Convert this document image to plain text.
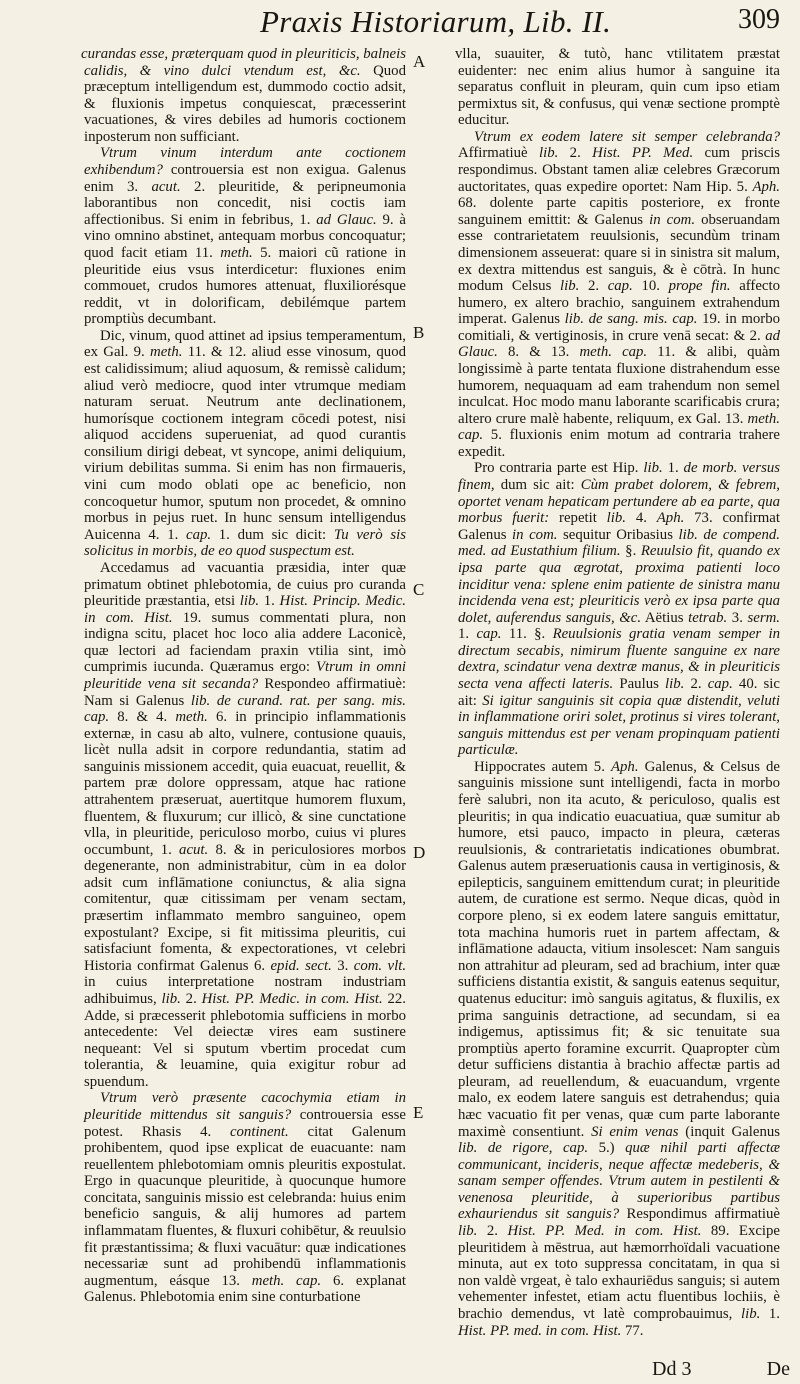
Praxis Historiarum, Lib. II.	309
A
B
C
D
E

curandas esse, præterquam quod in pleuriticis, balneis calidis, & vino dulci vtendum est, &c. Quod præceptum intelligendum est, dummodo coctio adsit, & fluxionis impetus conquiescat, præcesserint vacuationes, & vires debiles ad humoris coctionem inposterum non sufficiant.

Vtrum vinum interdum ante coctionem exhibendum? controuersia est non exigua. Galenus enim 3. acut. 2. pleuritide, & peripneumonia laborantibus non concedit, nisi coctis iam affectionibus. Si enim in febribus, 1. ad Glauc. 9. à vino omnino abstinet, antequam morbus concoquatur; quod facit etiam 11. meth. 5. maiori cũ ratione in pleuritide eius vsus interdicetur: fluxiones enim commouet, crudos humores attenuat, fluxiliorésque reddit, vt in dolorificam, debilémque partem promptiùs decumbant.

Dic, vinum, quod attinet ad ipsius temperamentum, ex Gal. 9. meth. 11. & 12. aliud esse vinosum, quod est calidissimum; aliud aquosum, & remissè calidum; aliud verò mediocre, quod inter vtrumque mediam naturam seruat. Neutrum ante declinationem, humorísque coctionem integram cōcedi potest, nisi aliquod accidens superueniat, ad quod curantis consilium dirigi debeat, vt syncope, animi deliquium, virium debilitas summa. Si enim has non firmaueris, vini cum modo oblati ope ac beneficio, non concoquetur humor, sputum non procedet, & omnino morbus in pejus ruet. In hunc sensum intelligendus Auicenna 4. 1. cap. 1. dum sic dicit: Tu verò sis solicitus in morbis, de eo quod suspectum est.

Accedamus ad vacuantia præsidia, inter quæ primatum obtinet phlebotomia, de cuius pro curanda pleuritide præstantia, etsi lib. 1. Hist. Princip. Medic. in com. Hist. 19. sumus commentati plura, non indigna scitu, placet hoc loco alia addere Laconicè, quæ lectori ad faciendam praxin vtilia sint, imò cumprimis iucunda. Quæramus ergo: Vtrum in omni pleuritide vena sit secanda? Respondeo affirmatiuè: Nam si Galenus lib. de curand. rat. per sang. mis. cap. 8. & 4. meth. 6. in principio inflammationis externæ, in casu ab alto, vulnere, contusione quauis, licèt nulla adsit in corpore redundantia, statim ad sanguinis missionem accedit, quia euacuat, reuellit, & partem præ dolore oppressam, atque hac ratione attrahentem præseruat, auertitque humorem fluxum, fluentem, & fluxurum; cur illicò, & sine cunctatione vlla, in pleuritide, periculoso morbo, cuius vi plures occumbunt, 1. acut. 8. & in periculosiores morbos degenerante, non administrabitur, cùm in ea dolor adsit cum inflāmatione coniunctus, & alia signa comitentur, quæ citissimam per venam sectam, præsertim inflammato membro sanguineo, opem expostulant? Excipe, si fit mitissima pleuritis, cui satisfaciunt fomenta, & expectorationes, vt celebri Historia confirmat Galenus 6. epid. sect. 3. com. vlt. in cuius interpretatione nostram industriam adhibuimus, lib. 2. Hist. PP. Medic. in com. Hist. 22. Adde, si præcesserit phlebotomia sufficiens in morbo antecedente: Vel deiectæ vires eam sustinere nequeant: Vel si sputum vbertim procedat cum tolerantia, & leuamine, quia exigitur robur ad spuendum.

Vtrum verò præsente cacochymia etiam in pleuritide mittendus sit sanguis? controuersia esse potest. Rhasis 4. continent. citat Galenum prohibentem, quod ipse explicat de euacuante: nam reuellentem phlebotomiam omnis pleuritis expostulat. Ergo in quacunque pleuritide, à quocunque humore concitata, sanguinis missio est celebranda: huius enim beneficio sanguis, & alij humores ad partem inflammatam fluentes, & fluxuri cohibētur, & reuulsio fit præstantissima; & fluxi vacuātur: quæ indicationes necessariæ sunt ad prohibendū inflammationis augmentum, eásque 13. meth. cap. 6. explanat Galenus. Phlebotomia enim sine conturbatione

vlla, suauiter, & tutò, hanc vtilitatem præstat euidenter: nec enim alius humor à sanguine ita separatus confluit in pleuram, quin cum ipso etiam permixtus sit, & confusus, qui venæ sectione promptè educitur.

Vtrum ex eodem latere sit semper celebranda? Affirmatiuè lib. 2. Hist. PP. Med. cum priscis respondimus. Obstant tamen aliæ celebres Græcorum auctoritates, quas expedire oportet: Nam Hip. 5. Aph. 68. dolente parte capitis posteriore, ex fronte sanguinem emittit: & Galenus in com. obseruandam esse contrarietatem reuulsionis, secundùm trinam dimensionem asseuerat: quare si in sinistra sit malum, ex dextra mittendus est sanguis, & è cōtrà. In hunc modum Celsus lib. 2. cap. 10. prope fin. affecto humero, ex altero brachio, sanguinem extrahendum imperat. Galenus lib. de sang. mis. cap. 19. in morbo comitiali, & vertiginosis, in crure venā secat: & 2. ad Glauc. 8. & 13. meth. cap. 11. & alibi, quàm longissimè à parte tentata fluxione distrahendum esse humorem, nequaquam ad eam trahendum non semel inculcat. Hoc modo manu laborante scarificabis crura; altero crure malè habente, reliquum, ex Gal. 13. meth. cap. 5. fluxionis enim motum ad contraria trahere expedit.

Pro contraria parte est Hip. lib. 1. de morb. versus finem, dum sic ait: Cùm prabet dolorem, & febrem, oportet venam hepaticam pertundere ab ea parte, qua morbus fuerit: repetit lib. 4. Aph. 73. confirmat Galenus in com. sequitur Oribasius lib. de compend. med. ad Eustathium filium. §. Reuulsio fit, quando ex ipsa parte qua ægrotat, proxima patienti loco inciditur vena: splene enim patiente de sinistra manu incidenda vena est; pleuriticis verò ex ipsa parte qua dolet, auferendus sanguis, &c. Aëtius tetrab. 3. serm. 1. cap. 11. §. Reuulsionis gratia venam semper in directum secabis, nimirum fluente sanguine ex nare dextra, scindatur vena dextræ manus, & in pleuriticis secta vena affecti lateris. Paulus lib. 2. cap. 40. sic ait: Si igitur sanguinis sit copia quæ distendit, veluti in inflammatione oriri solet, protinus si vires tolerant, sanguis mittendus est per venam propinquam patienti particulæ.

Hippocrates autem 5. Aph. Galenus, & Celsus de sanguinis missione sunt intelligendi, facta in morbo ferè salubri, non ita acuto, & periculoso, qualis est pleuritis; in qua indicatio euacuatiua, quæ sumitur ab humore, etsi pauco, impacto in pleura, cæteras reuulsionis, & contrarietatis indicationes obumbrat. Galenus autem præseruationis causa in vertiginosis, & epilepticis, sanguinem emittendum curat; in pleuritide autem, de curatione est sermo. Neque dicas, quòd in corpore pleno, si ex eodem latere sanguis emittatur, tota machina humoris ruet in partem affectam, & inflāmatione adaucta, vitium insolescet: Nam sanguis non attrahitur ad pleuram, sed ad brachium, inter quæ sufficiens distantia existit, & sanguis eatenus sequitur, quatenus educitur: imò sanguis agitatus, & fluxilis, ex prima sanguinis detractione, ad secundam, si ea indigemus, aptissimus fit; & sic tenuitate sua promptiùs aperto foramine excurrit. Quapropter cùm detur sufficiens distantia à brachio affectæ partis ad pleuram, ad reuellendum, & euacuandum, vrgente malo, ex eodem latere sanguis est detrahendus; quia hæc vacuatio fit per venas, quæ cum parte laborante maximè consentiunt. Si enim venas (inquit Galenus lib. de rigore, cap. 5.) quæ nihil parti affectæ communicant, incideris, neque affectæ medeberis, & sanam semper offendes. Vtrum autem in pestilenti & venenosa pleuritide, à superioribus partibus exhauriendus sit sanguis? Respondimus affirmatiuè lib. 2. Hist. PP. Med. in com. Hist. 89. Excipe pleuritidem à mēstrua, aut hæmorrhoïdali vacuatione minuta, aut ex toto suppressa concitatam, in qua si non valdè vrgeat, è talo exhauriēdus sanguis; si autem vehementer infestet, etiam actu fluentibus lochiis, è brachio demendus, vt latè comprobauimus, lib. 1. Hist. PP. med. in com. Hist. 77.

Dd 3	De
